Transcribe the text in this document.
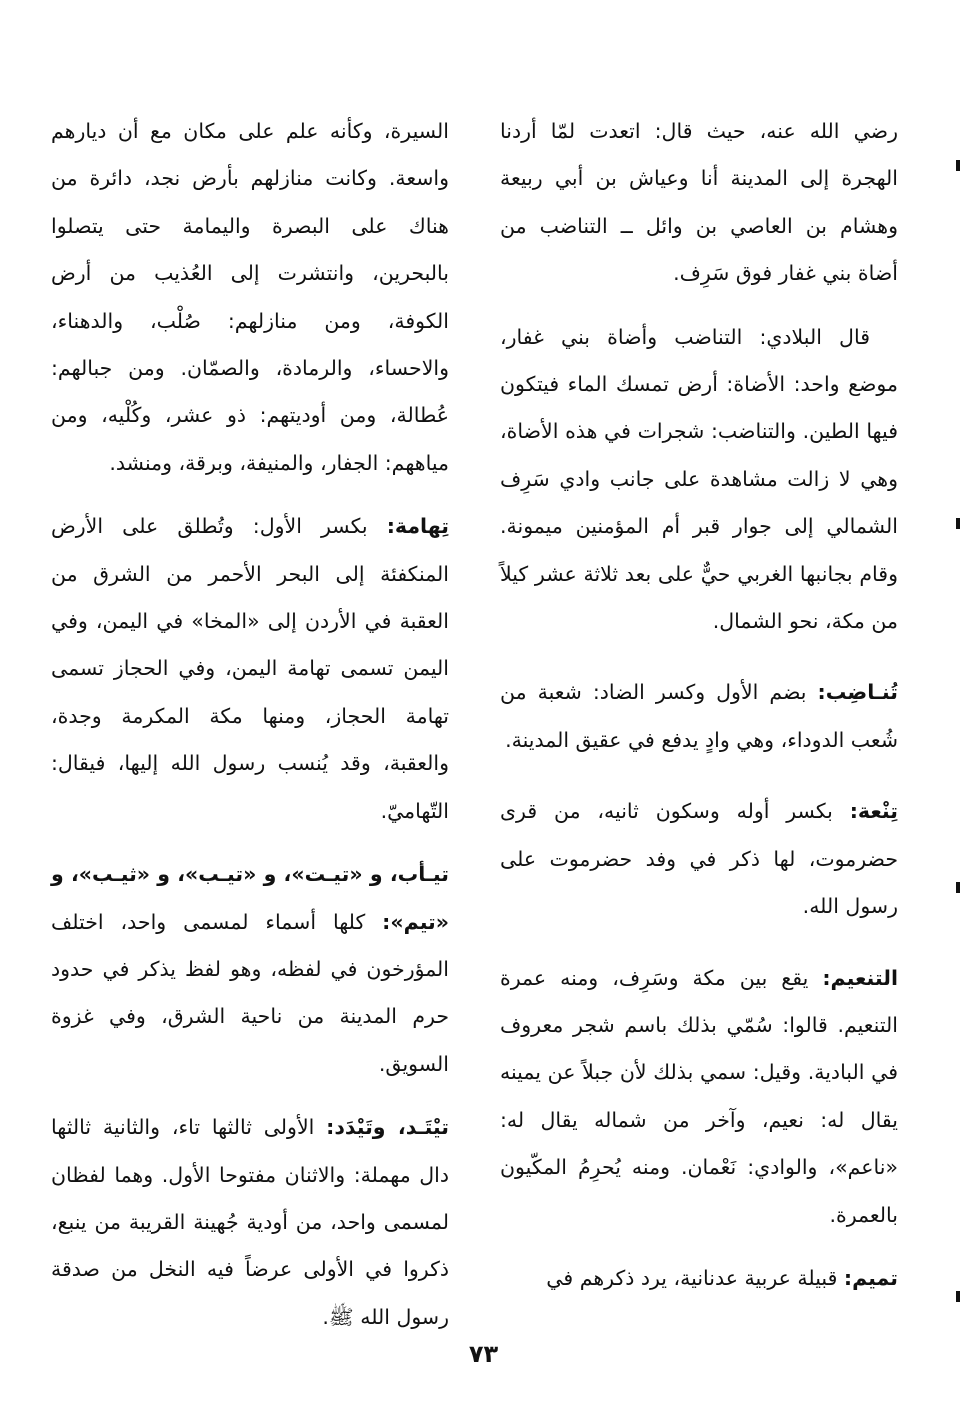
رضي الله عنه، حيث قال: اتعدت لمّا أردنا الهجرة إلى المدينة أنا وعياش بن أبي ربيعة وهشام بن العاصي بن وائل ــ التناضب من أضاة بني غفار فوق سَرِف.

قال البلادي: التناضب وأضاة بني غفار، موضع واحد: الأضاة: أرض تمسك الماء فيتكون فيها الطين. والتناضب: شجرات في هذه الأضاة، وهي لا زالت مشاهدة على جانب وادي سَرِف الشمالي إلى جوار قبر أم المؤمنين ميمونة. وقام بجانبها الغربي حيٌّ على بعد ثلاثة عشر كيلاً من مكة، نحو الشمال.

تُنـاضِب: بضم الأول وكسر الضاد: شعبة من شُعب الدوداء، وهي وادٍ يدفع في عقيق المدينة.

تِنْعة: بكسر أوله وسكون ثانيه، من قرى حضرموت، لها ذكر في وفد حضرموت على رسول الله.

التنعيم: يقع بين مكة وسَرِف، ومنه عمرة التنعيم. قالوا: سُمّي بذلك باسم شجر معروف في البادية. وقيل: سمي بذلك لأن جبلاً عن يمينه يقال له: نعيم، وآخر من شماله يقال له: «ناعم»، والوادي: نَعْمان. ومنه يُحرِمُ المكّيون بالعمرة.

تميم: قبيلة عربية عدنانية، يرد ذكرهم في

السيرة، وكأنه علم على مكان مع أن ديارهم واسعة. وكانت منازلهم بأرض نجد، دائرة من هناك على البصرة واليمامة حتى يتصلوا بالبحرين، وانتشرت إلى العُذيب من أرض الكوفة، ومن منازلهم: صُلْب، والدهناء، والاحساء، والرمادة، والصمّان. ومن جبالهم: عُطالة، ومن أوديتهم: ذو عشر، وكُلْيه، ومن مياههم: الجفار، والمنيفة، وبرقة، ومنشد.

تِهامة: بكسر الأول: وتُطلق على الأرض المنكفئة إلى البحر الأحمر من الشرق من العقبة في الأردن إلى «المخا» في اليمن، وفي اليمن تسمى تهامة اليمن، وفي الحجاز تسمى تهامة الحجاز، ومنها مكة المكرمة وجدة، والعقبة، وقد يُنسب رسول الله إليها، فيقال: التّهاميّ.

تيـأب، و «تيـت»، و «تيـب»، و «ثيـب»، و «تيم»: كلها أسماء لمسمى واحد، اختلف المؤرخون في لفظه، وهو لفظ يذكر في حدود حرم المدينة من ناحية الشرق، وفي غزوة السويق.

تيْتَـد، وتَيْدَد: الأولى ثالثها تاء، والثانية ثالثها دال مهملة: والاثنان مفتوحا الأول. وهما لفظان لمسمى واحد، من أودية جُهينة القريبة من ينبع، ذكروا في الأولى عرضاً فيه النخل من صدقة رسول الله ﷺ.

٧٣
